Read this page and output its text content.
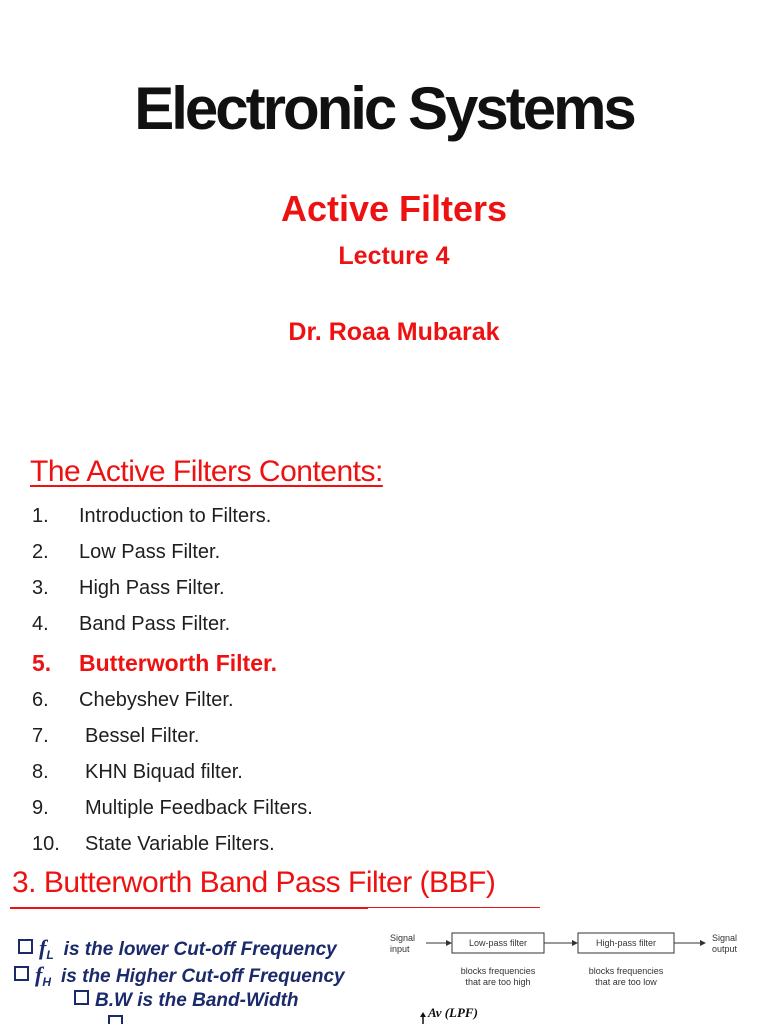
Electronic Systems
Active Filters
Lecture 4
Dr. Roaa Mubarak
The Active Filters Contents:
1. Introduction to Filters.
2. Low Pass Filter.
3. High Pass Filter.
4. Band Pass Filter.
5. Butterworth Filter.
6. Chebyshev Filter.
7. Bessel Filter.
8. KHN Biquad filter.
9. Multiple Feedback Filters.
10. State Variable Filters.
3. Butterworth Band Pass Filter (BBF)
$f_L$ is the lower Cut-off Frequency
$f_H$ is the Higher Cut-off Frequency
B.W is the Band-Width
Signal input
Low-pass filter	High-pass filter	Signal output
blocks frequencies that are too high
blocks frequencies that are too low
Av (LPF)
